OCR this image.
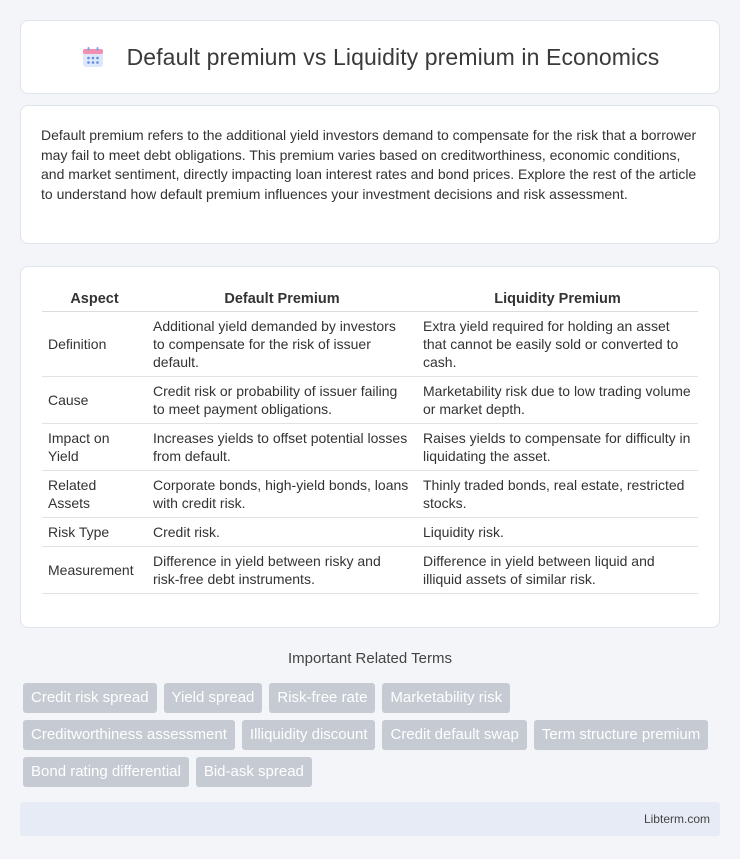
Default premium vs Liquidity premium in Economics
Default premium refers to the additional yield investors demand to compensate for the risk that a borrower may fail to meet debt obligations. This premium varies based on creditworthiness, economic conditions, and market sentiment, directly impacting loan interest rates and bond prices. Explore the rest of the article to understand how default premium influences your investment decisions and risk assessment.
Aspect	Default Premium	Liquidity Premium
Definition	Additional yield demanded by investors to compensate for the risk of issuer default.	Extra yield required for holding an asset that cannot be easily sold or converted to cash.
Cause	Credit risk or probability of issuer failing to meet payment obligations.	Marketability risk due to low trading volume or market depth.
Impact on Yield	Increases yields to offset potential losses from default.	Raises yields to compensate for difficulty in liquidating the asset.
Related Assets	Corporate bonds, high-yield bonds, loans with credit risk.	Thinly traded bonds, real estate, restricted stocks.
Risk Type	Credit risk.	Liquidity risk.
Measurement	Difference in yield between risky and risk-free debt instruments.	Difference in yield between liquid and illiquid assets of similar risk.
Important Related Terms
Credit risk spread	Yield spread	Risk-free rate	Marketability risk
Creditworthiness assessment	Illiquidity discount	Credit default swap	Term structure premium
Bond rating differential	Bid-ask spread
Libterm.com
